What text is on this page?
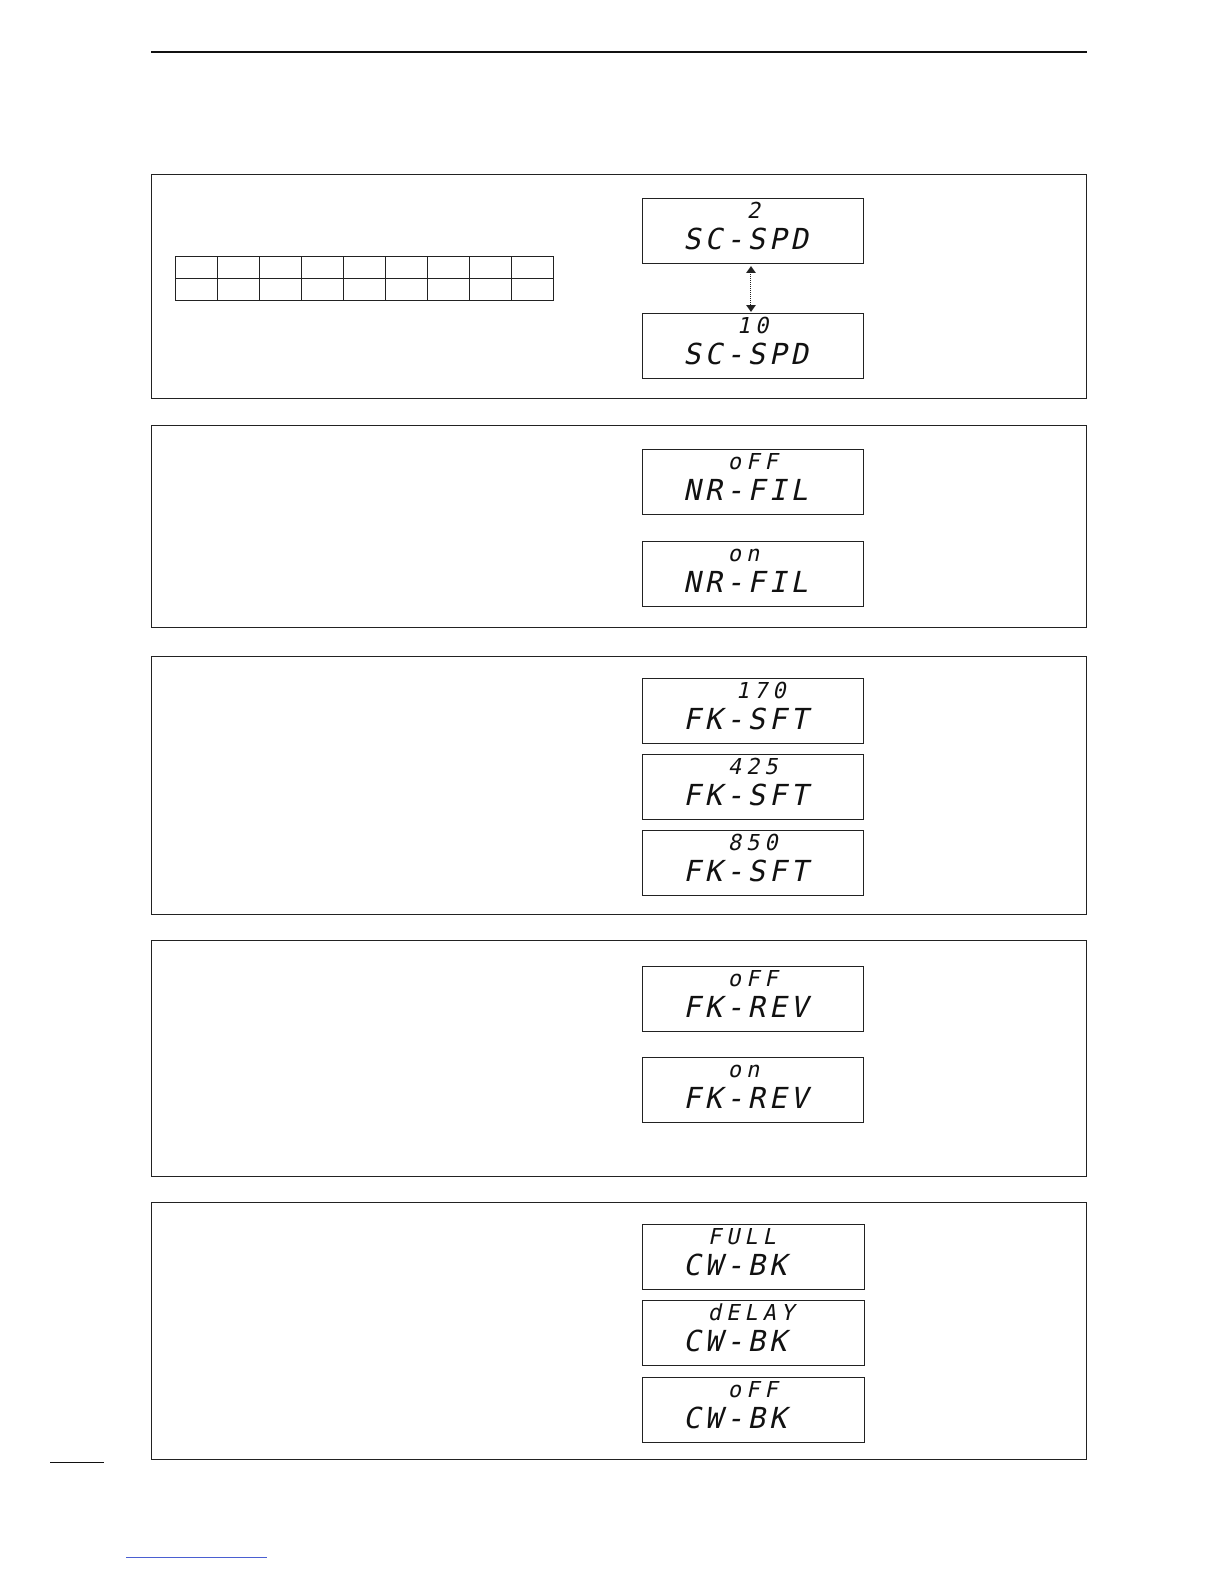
2
SC-SPD
10
SC-SPD
oFF
NR-FIL
on
NR-FIL
170
FK-SFT
425
FK-SFT
850
FK-SFT
oFF
FK-REV
on
FK-REV
FULL
CW-BK
dELAY
CW-BK
oFF
CW-BK
